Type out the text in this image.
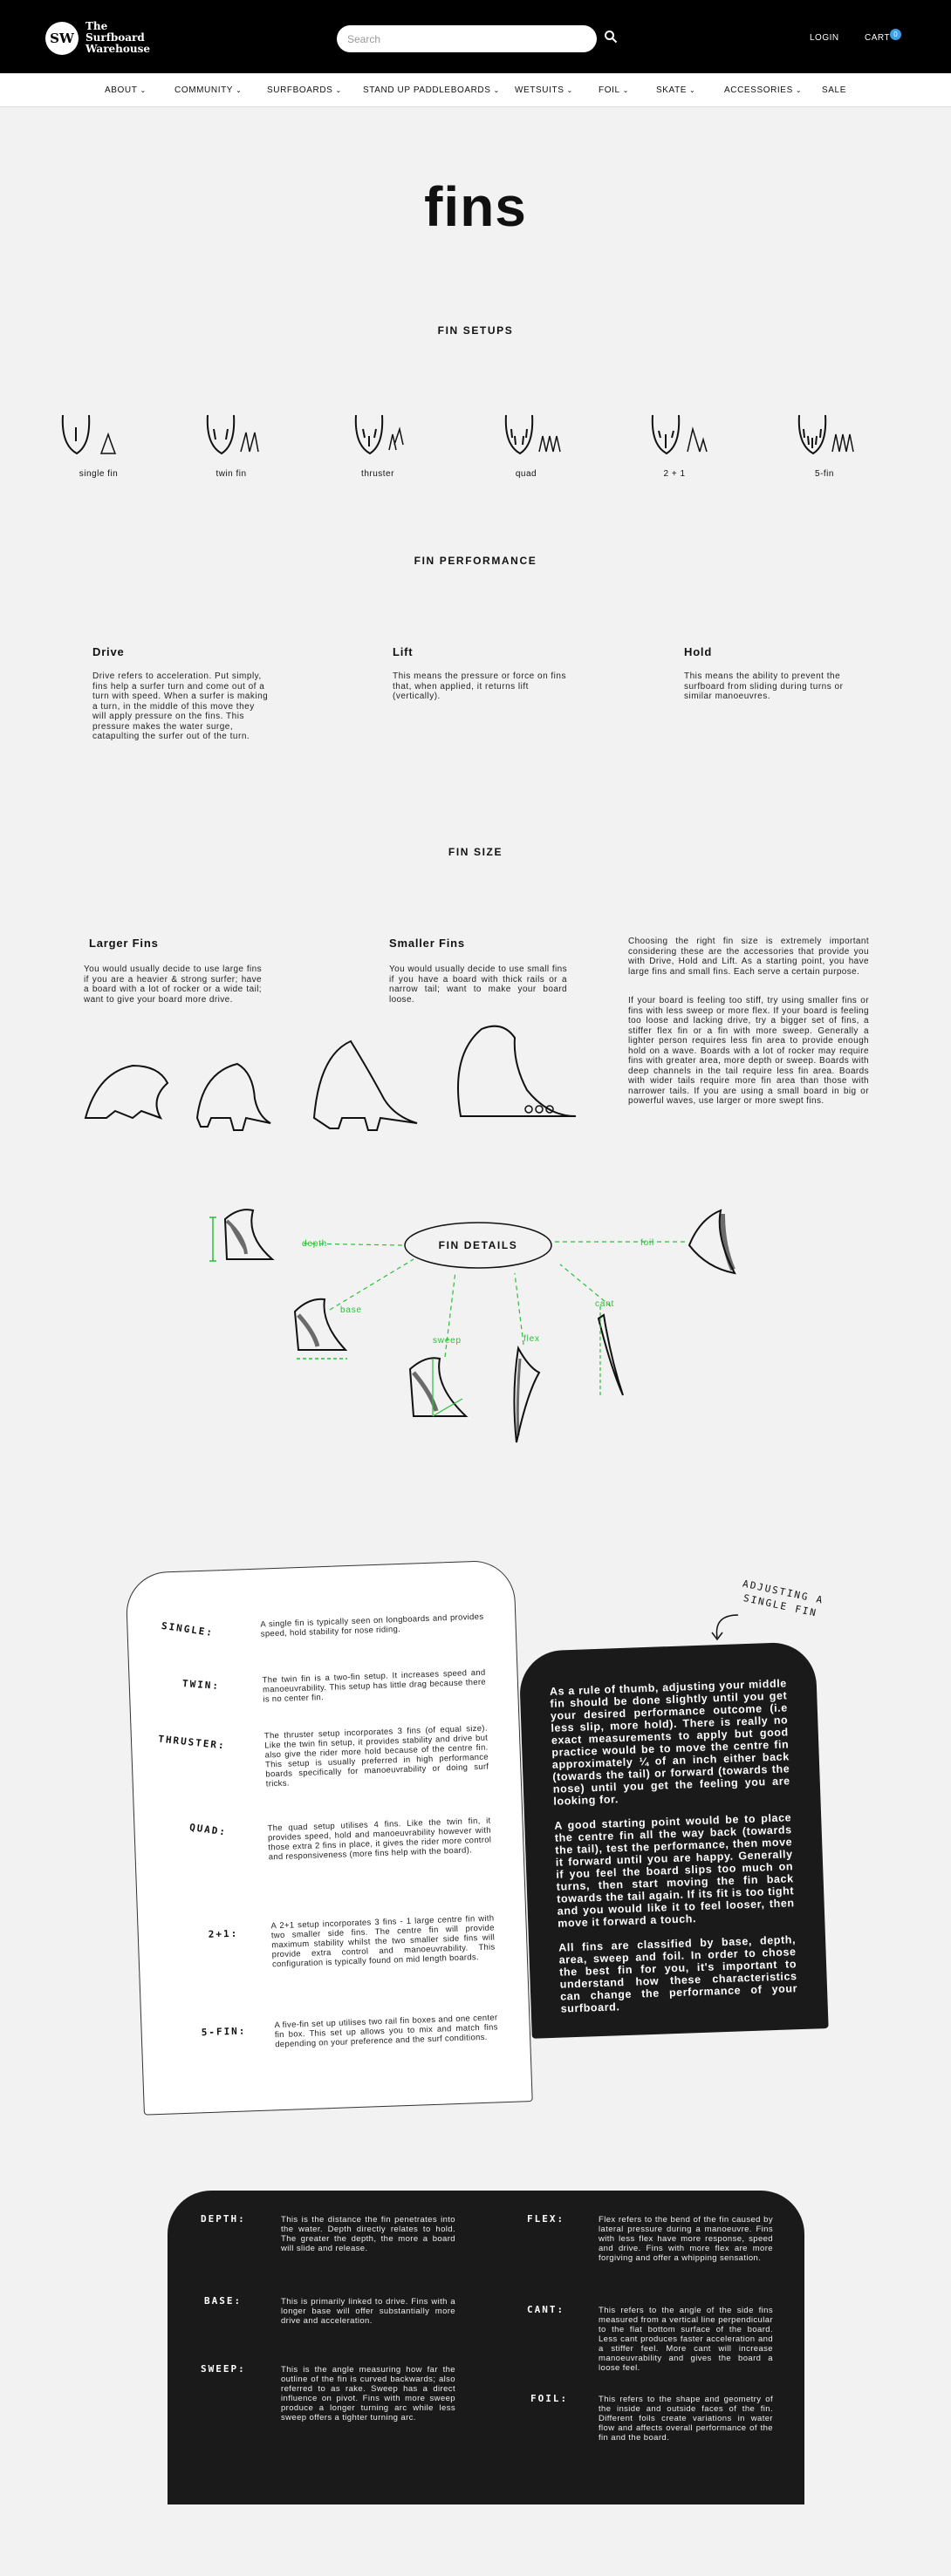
SW
The Surfboard Warehouse
Search
LOGIN	CART 0
ABOUT ⌄	COMMUNITY ⌄	SURFBOARDS ⌄ STAND UP PADDLEBOARDS ⌄ WETSUITS ⌄	FOIL ⌄	SKATE ⌄	ACCESSORIES ⌄ SALE
fins
FIN SETUPS
single fin	twin fin	thruster	quad	2 + 1	5-fin
FIN PERFORMANCE
Drive
Drive refers to acceleration. Put simply, fins help a surfer turn and come out of a turn with speed. When a surfer is making a turn, in the middle of this move they will apply pressure on the fins. This pressure makes the water surge, catapulting the surfer out of the turn.
Lift
This means the pressure or force on fins that, when applied, it returns lift (vertically).
Hold
This means the ability to prevent the surfboard from sliding during turns or similar manoeuvres.
FIN SIZE
Larger Fins
You would usually decide to use large fins if you are a heavier & strong surfer; have a board with a lot of rocker or a wide tail; want to give your board more drive.
Smaller Fins
You would usually decide to use small fins if you have a board with thick rails or a narrow tail; want to make your board loose.
Choosing the right fin size is extremely important considering these are the accessories that provide you with Drive, Hold and Lift. As a starting point, you have large fins and small fins. Each serve a certain purpose.
If your board is feeling too stiff, try using smaller fins or fins with less sweep or more flex. If your board is feeling too loose and lacking drive, try a bigger set of fins, a stiffer flex fin or a fin with more sweep. Generally a lighter person requires less fin area to provide enough hold on a wave. Boards with a lot of rocker may require fins with greater area, more depth or sweep. Boards with deep channels in the tail require less fin area. Boards with wider tails require more fin area than those with narrower tails. If you are using a small board in big or powerful waves, use larger or more swept fins.
FIN DETAILS
depth	foil
base
sweep	flex
cant
SINGLE:	A single fin is typically seen on longboards and provides speed, hold stability for nose riding.
TWIN:	The twin fin is a two-fin setup. It increases speed and manoeuvrability. This setup has little drag because there is no center fin.
THRUSTER:
The thruster setup incorporates 3 fins (of equal size). Like the twin fin setup, it provides stability and drive but also give the rider more hold because of the centre fin. This setup is usually preferred in high performance boards specifically for manoeuvrability or doing surf tricks.
QUAD:	The quad setup utilises 4 fins. Like the twin fin, it provides speed, hold and manoeuvrability however with those extra 2 fins in place, it gives the rider more control and responsiveness (more fins help with the board).
2+1:
A 2+1 setup incorporates 3 fins - 1 large centre fin with two smaller side fins. The centre fin will provide maximum stability whilst the two smaller side fins will provide extra control and manoeuvrability. This configuration is typically found on mid length boards.
5-FIN:
A five-fin set up utilises two rail fin boxes and one center fin box. This set up allows you to mix and match fins depending on your preference and the surf conditions.
ADJUSTING A SINGLE FIN

As a rule of thumb, adjusting your middle fin should be done slightly until you get your desired performance outcome (i.e less slip, more hold). There is really no exact measurements to apply but good practice would be to move the centre fin approximately ¼ of an inch either back (towards the tail) or forward (towards the nose) until you get the feeling you are looking for.

A good starting point would be to place the centre fin all the way back (towards the tail), test the performance, then move it forward until you are happy. Generally if you feel the board slips too much on turns, then start moving the fin back towards the tail again. If its fit is too tight and you would like it to feel looser, then move it forward a touch.

All fins are classified by base, depth, area, sweep and foil. In order to chose the best fin for you, it's important to understand how these characteristics can change the performance of your surfboard.

DEPTH:	This is the distance the fin penetrates into the water. Depth directly relates to hold. The greater the depth, the more a board will slide and release.
BASE:	This is primarily linked to drive. Fins with a longer base will offer substantially more drive and acceleration.
SWEEP:	This is the angle measuring how far the outline of the fin is curved backwards; also referred to as rake. Sweep has a direct influence on pivot. Fins with more sweep produce a longer turning arc while less sweep offers a tighter turning arc.
FLEX:	Flex refers to the bend of the fin caused by lateral pressure during a manoeuvre. Fins with less flex have more response, speed and drive. Fins with more flex are more forgiving and offer a whipping sensation.
CANT:	This refers to the angle of the side fins measured from a vertical line perpendicular to the flat bottom surface of the board. Less cant produces faster acceleration and a stiffer feel. More cant will increase manoeuvrability and gives the board a loose feel.
FOIL:	This refers to the shape and geometry of the inside and outside faces of the fin. Different foils create variations in water flow and affects overall performance of the fin and the board.
